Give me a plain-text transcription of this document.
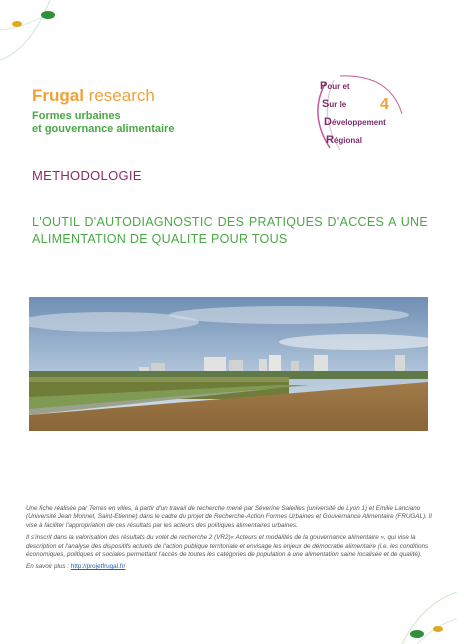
Frugal research
Formes urbaines
et gouvernance alimentaire
Pour et
Sur le
Développement
Régional
4
METHODOLOGIE
L'OUTIL D'AUTODIAGNOSTIC DES PRATIQUES D'ACCES A UNE ALIMENTATION DE QUALITE POUR TOUS

Une fiche réalisée par Terres en villes, à partir d'un travail de recherche mené par Séverine Saleilles (université de Lyon 1) et Emilie Lanciano (Université Jean Monnet, Saint-Etienne) dans le cadre du projet de Recherche-Action Formes Urbaines et Gouvernance Alimentaire (FRUGAL). Il vise à faciliter l'appropriation de ces résultats par les acteurs des politiques alimentaires urbaines.

Il s'inscrit dans la valorisation des résultats du volet de recherche 2 (VR2)« Acteurs et modalités de la gouvernance alimentaire », qui vise la description et l'analyse des dispositifs actuels de l'action publique territoriale et envisage les enjeux de démocratie alimentaire (i.e. les conditions économiques, politiques et sociales permettant l'accès de toutes les catégories de population à une alimentation saine localisée et de qualité).

En savoir plus : http://projetfrugal.fr/
